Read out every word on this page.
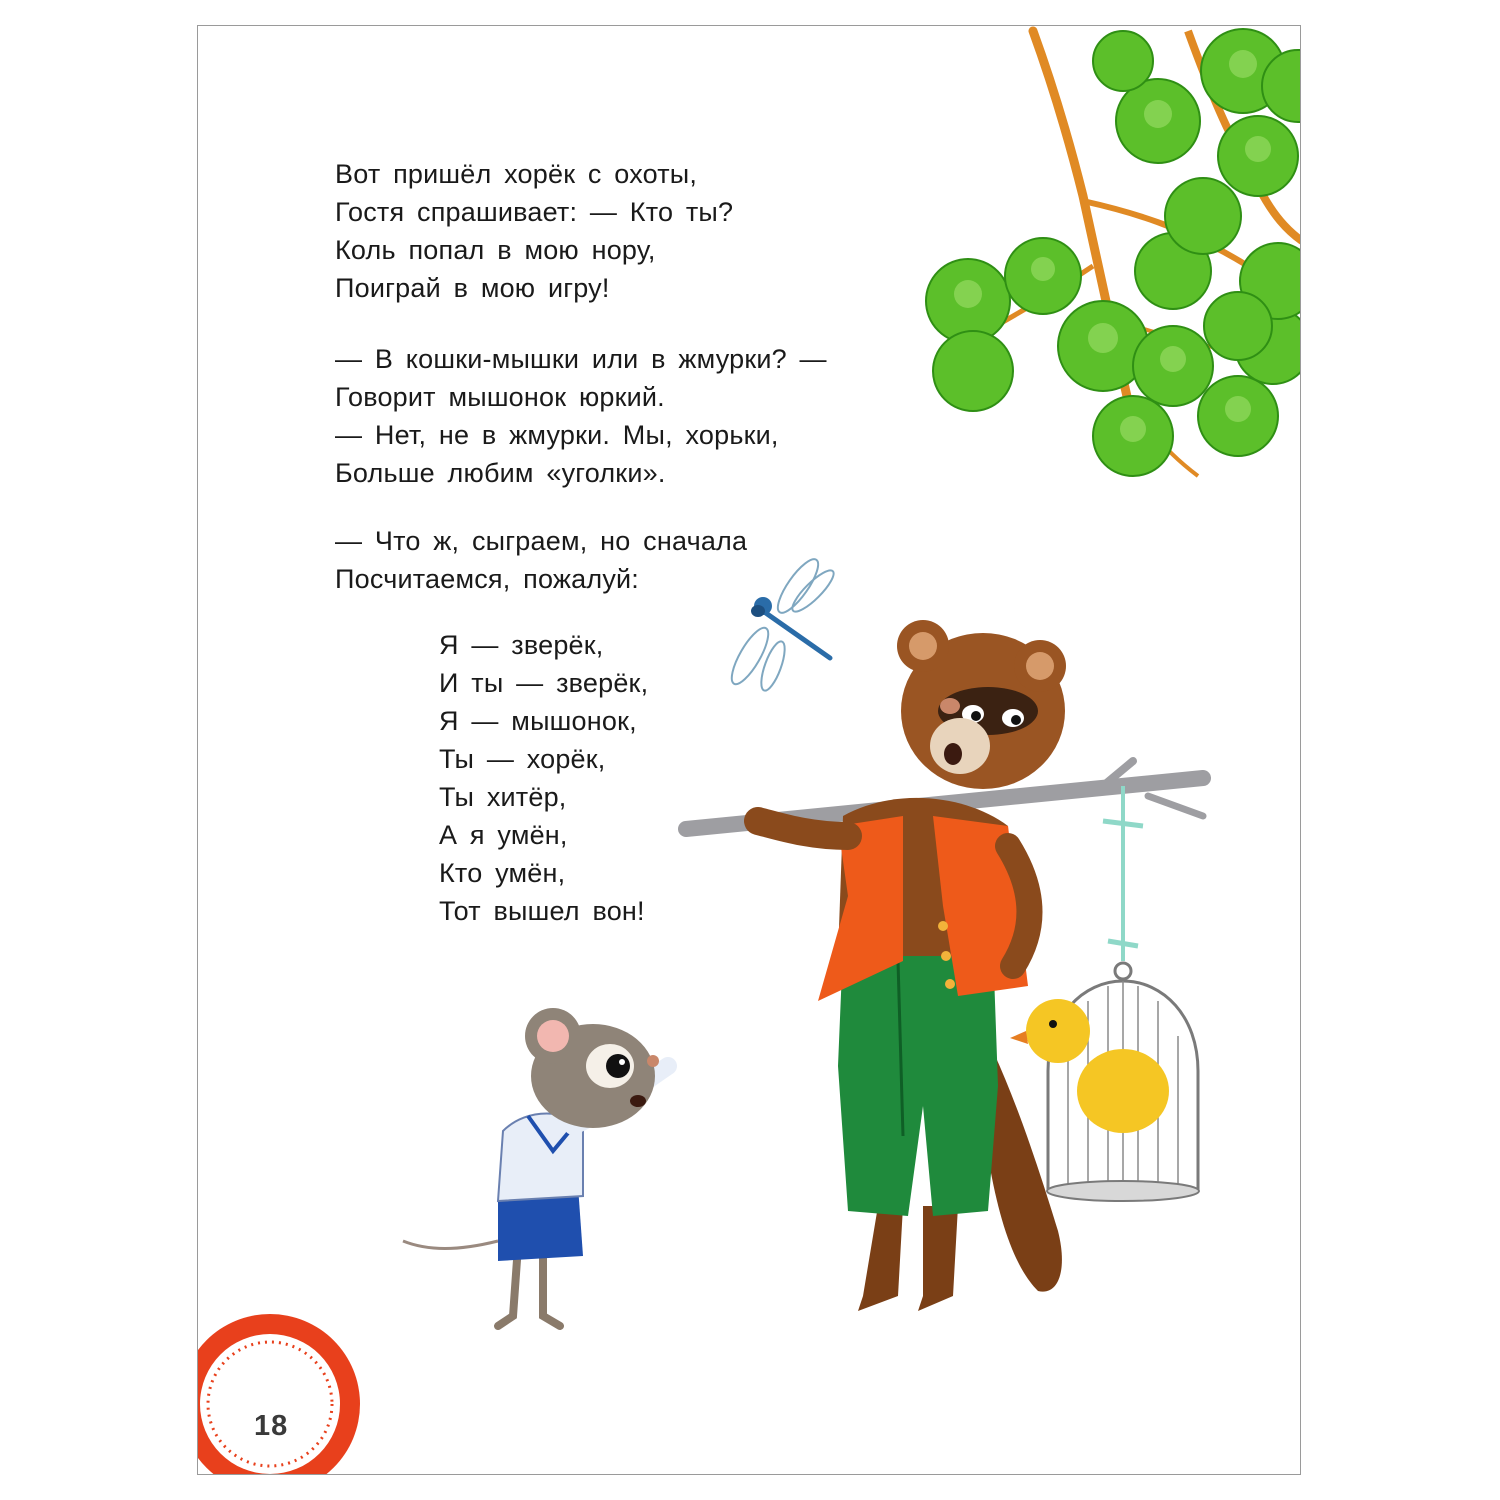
Вот пришёл хорёк с охоты,
Гостя спрашивает: — Кто ты?
Коль попал в мою нору,
Поиграй в мою игру!
— В кошки-мышки или в жмурки? —
Говорит мышонок юркий.
— Нет, не в жмурки. Мы, хорьки,
Больше любим «уголки».
— Что ж, сыграем, но сначала
Посчитаемся, пожалуй:
Я — зверёк,
И ты — зверёк,
Я — мышонок,
Ты — хорёк,
Ты хитёр,
А я умён,
Кто умён,
Тот вышел вон!
18
